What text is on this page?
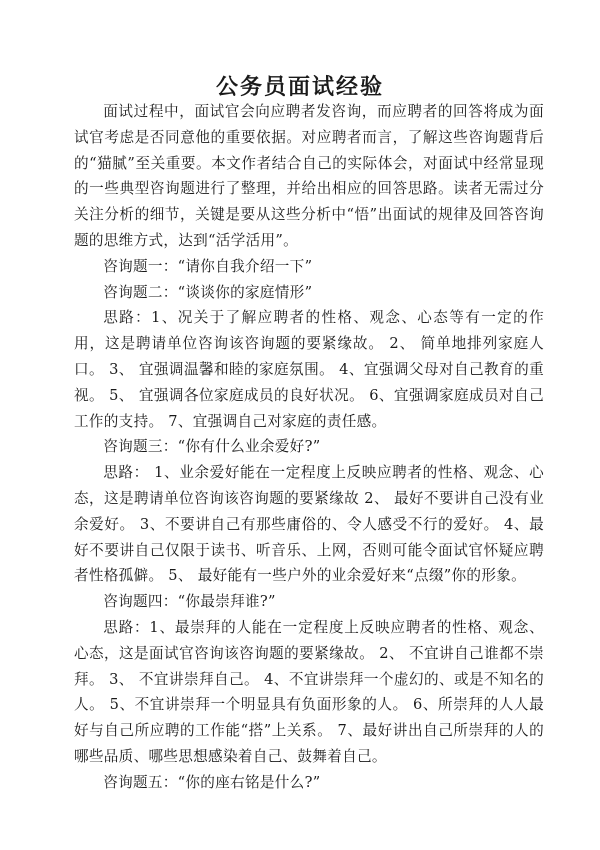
公务员面试经验

面试过程中，面试官会向应聘者发咨询，而应聘者的回答将成为面试官考虑是否同意他的重要依据。对应聘者而言，了解这些咨询题背后的“猫腻”至关重要。本文作者结合自己的实际体会，对面试中经常显现的一些典型咨询题进行了整理，并给出相应的回答思路。读者无需过分关注分析的细节，关键是要从这些分析中“悟”出面试的规律及回答咨询题的思维方式，达到“活学活用”。

咨询题一：“请你自我介绍一下”

咨询题二：“谈谈你的家庭情形”

思路：1、况关于了解应聘者的性格、观念、心态等有一定的作用，这是聘请单位咨询该咨询题的要紧缘故。 2、 简单地排列家庭人口。 3、 宜强调温馨和睦的家庭氛围。 4、宜强调父母对自己教育的重视。 5、 宜强调各位家庭成员的良好状况。 6、宜强调家庭成员对自己工作的支持。 7、宜强调自己对家庭的责任感。

咨询题三：“你有什么业余爱好?”

思路： 1、业余爱好能在一定程度上反映应聘者的性格、观念、心态，这是聘请单位咨询该咨询题的要紧缘故 2、 最好不要讲自己没有业余爱好。 3、不要讲自己有那些庸俗的、令人感受不行的爱好。 4、最好不要讲自己仅限于读书、听音乐、上网，否则可能令面试官怀疑应聘者性格孤僻。 5、 最好能有一些户外的业余爱好来“点缀”你的形象。

咨询题四：“你最崇拜谁?”

思路：1、最崇拜的人能在一定程度上反映应聘者的性格、观念、心态，这是面试官咨询该咨询题的要紧缘故。 2、 不宜讲自己谁都不崇拜。 3、 不宜讲崇拜自己。 4、不宜讲崇拜一个虚幻的、或是不知名的人。 5、不宜讲崇拜一个明显具有负面形象的人。 6、所崇拜的人人最好与自己所应聘的工作能“搭”上关系。 7、最好讲出自己所崇拜的人的哪些品质、哪些思想感染着自己、鼓舞着自己。

咨询题五：“你的座右铭是什么?”
